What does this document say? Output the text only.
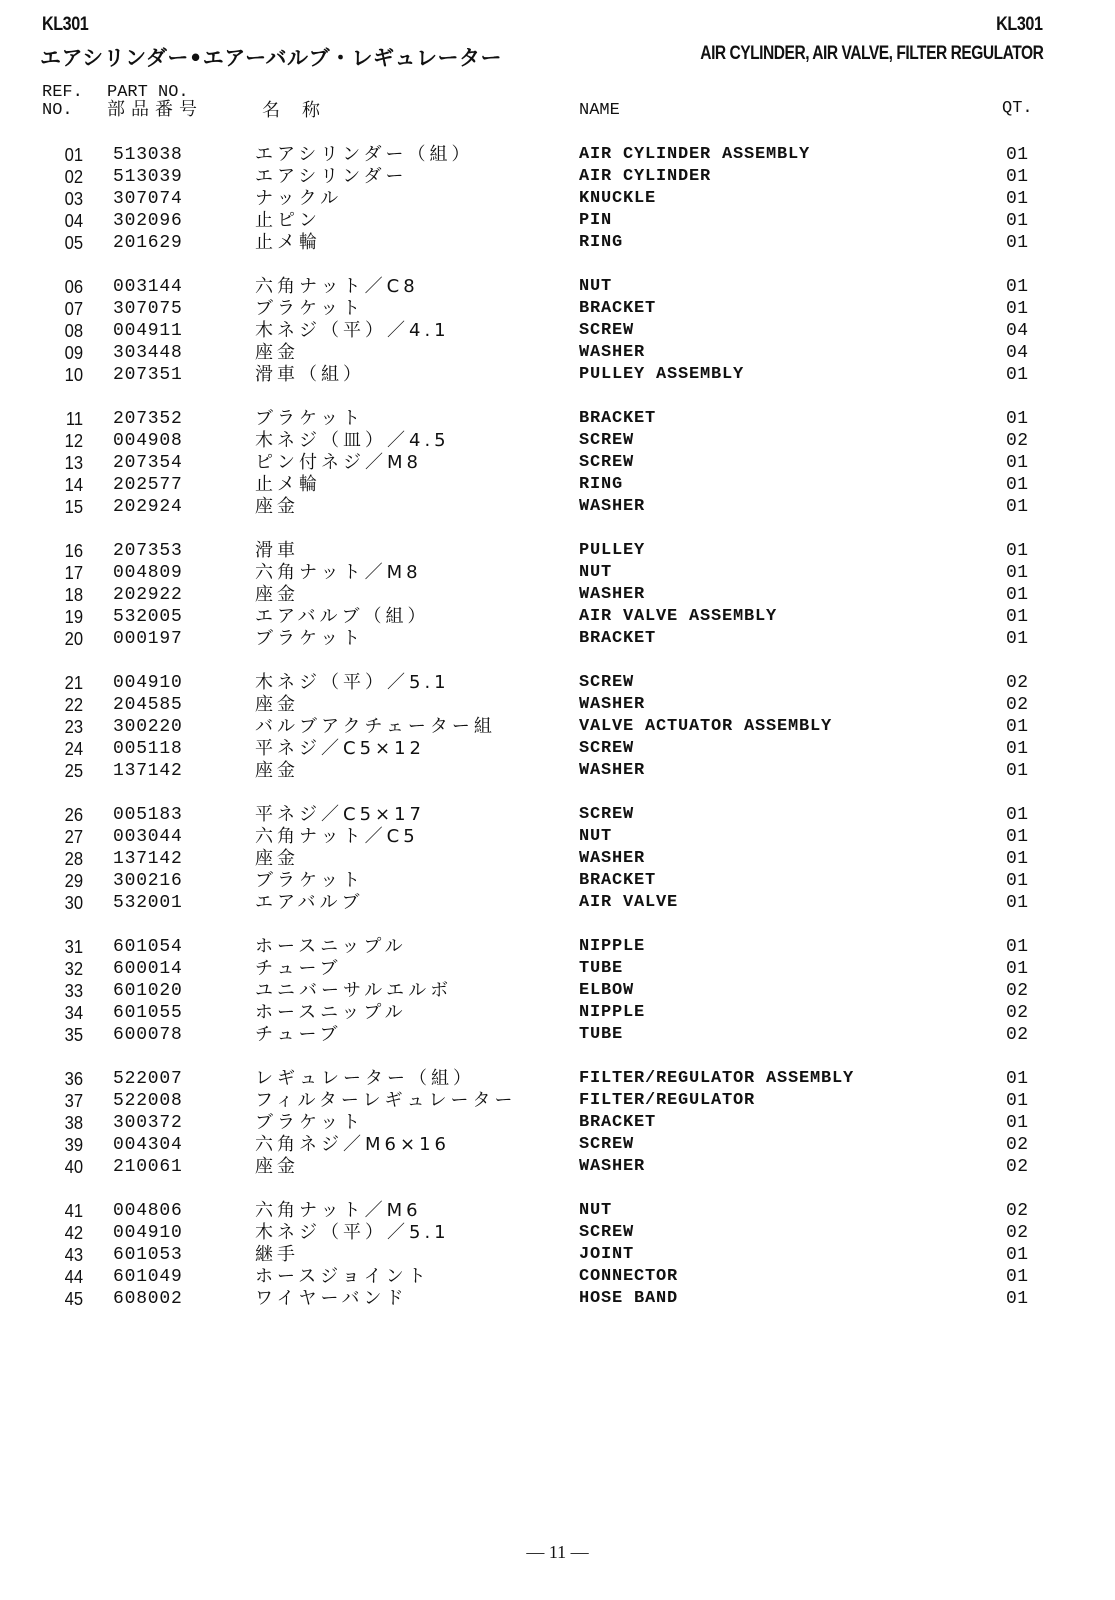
KL301	KL301
エアシリンダー•エアーバルブ・レギュレーター	AIR CYLINDER, AIR VALVE, FILTER REGULATOR
REF.
NO.
PART NO.
部品番号	名　称	NAME	QT.
01 513038	エアシリンダー（組）	AIR CYLINDER ASSEMBLY	01
02 513039	エアシリンダー	AIR CYLINDER	01
03 307074	ナックル	KNUCKLE	01
04 302096	止ピン	PIN	01
05 201629	止メ輪	RING	01
06 003144	六角ナット／C8	NUT	01
07 307075	ブラケット	BRACKET	01
08 004911	木ネジ（平）／4.1	SCREW	04
09 303448	座金	WASHER	04
10 207351	滑車（組）	PULLEY ASSEMBLY	01
11 207352	ブラケット	BRACKET	01
12 004908	木ネジ（皿）／4.5	SCREW	02
13 207354	ピン付ネジ／M8	SCREW	01
14 202577	止メ輪	RING	01
15 202924	座金	WASHER	01
16 207353	滑車	PULLEY	01
17 004809	六角ナット／M8	NUT	01
18 202922	座金	WASHER	01
19 532005	エアバルブ（組）	AIR VALVE ASSEMBLY	01
20 000197	ブラケット	BRACKET	01
21 004910	木ネジ（平）／5.1	SCREW	02
22 204585	座金	WASHER	02
23 300220	バルブアクチェーター組	VALVE ACTUATOR ASSEMBLY	01
24 005118	平ネジ／C5×12	SCREW	01
25 137142	座金	WASHER	01
26 005183	平ネジ／C5×17	SCREW	01
27 003044	六角ナット／C5	NUT	01
28 137142	座金	WASHER	01
29 300216	ブラケット	BRACKET	01
30 532001	エアバルブ	AIR VALVE	01
31 601054	ホースニップル	NIPPLE	01
32 600014	チューブ	TUBE	01
33 601020	ユニバーサルエルボ	ELBOW	02
34 601055	ホースニップル	NIPPLE	02
35 600078	チューブ	TUBE	02
36 522007	レギュレーター（組）	FILTER/REGULATOR ASSEMBLY	01
37 522008	フィルターレギュレーター	FILTER/REGULATOR	01
38 300372	ブラケット	BRACKET	01
39 004304	六角ネジ／M6×16	SCREW	02
40 210061	座金	WASHER	02
41 004806	六角ナット／M6	NUT	02
42 004910	木ネジ（平）／5.1	SCREW	02
43 601053	継手	JOINT	01
44 601049	ホースジョイント	CONNECTOR	01
45 608002	ワイヤーバンド	HOSE BAND	01
— 11 —
